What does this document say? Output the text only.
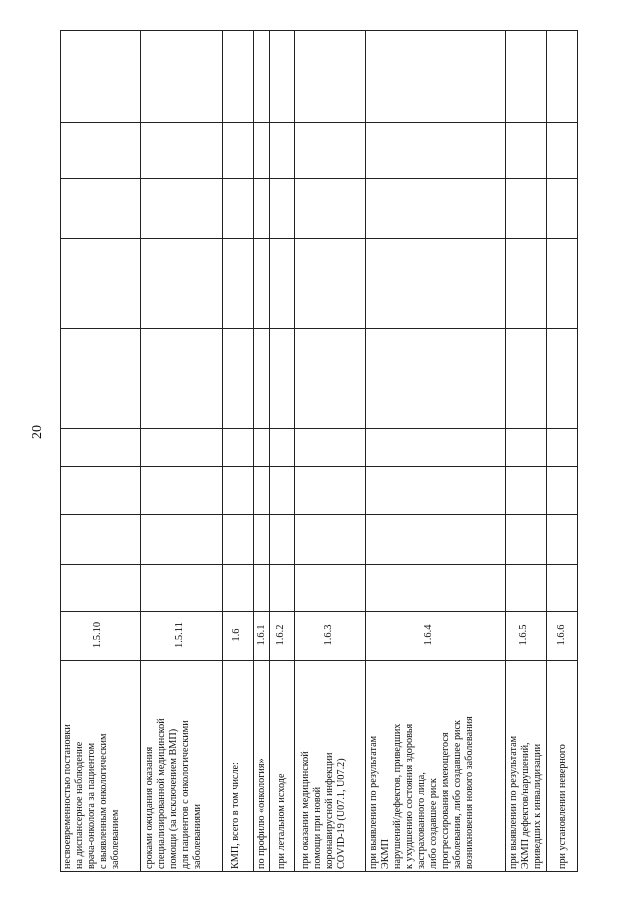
20
несвоевременностью постановки на диспансерное наблюдение врача-онколога за пациентом с выявленным онкологическим заболеванием
1.5.10
сроками ожидания оказания специализированной медицинской помощи (за исключением ВМП) для пациентов с онкологическими заболеваниями
1.5.11
КМП, всего в том числе:
1.6
по профилю «онкология»
1.6.1
при летальном исходе
1.6.2
при оказании медицинской помощи при новой коронавирусной инфекции COVID-19 (U07.1, U07.2)
1.6.3
при выявлении по результатам ЭКМП нарушений/дефектов, приведших к ухудшению состояния здоровья застрахованного лица, либо создавшее риск прогрессирования имеющегося заболевания, либо создавшее риск возникновения нового заболевания
1.6.4
при выявлении по результатам ЭКМП дефектов/нарушений, приведших к инвалидизации
1.6.5
при установлении неверного
1.6.6
